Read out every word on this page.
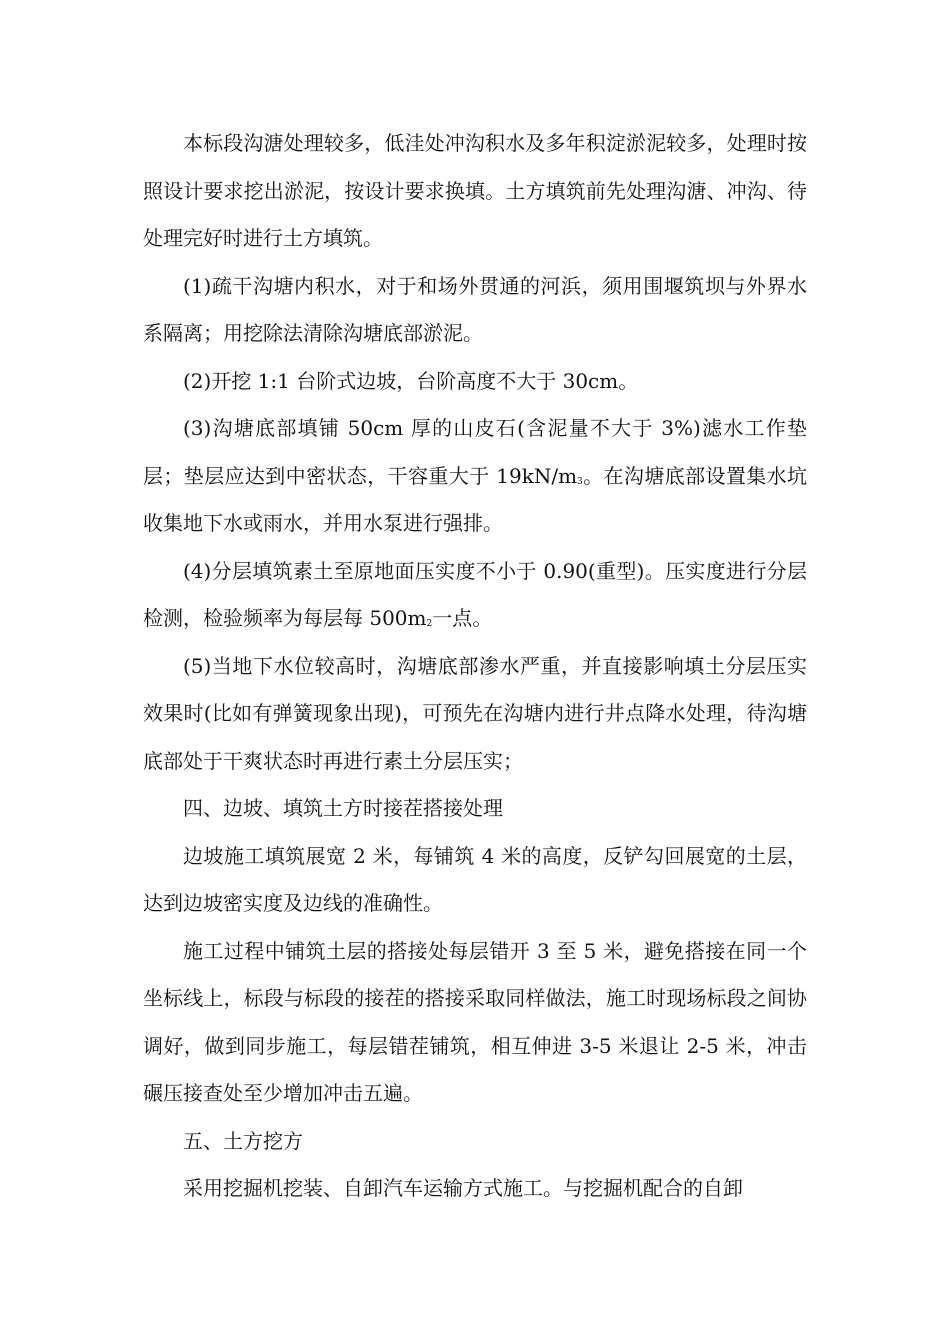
本标段沟溏处理较多，低洼处冲沟积水及多年积淀淤泥较多，处理时按照设计要求挖出淤泥，按设计要求换填。土方填筑前先处理沟溏、冲沟、待处理完好时进行土方填筑。

(1)疏干沟塘内积水，对于和场外贯通的河浜，须用围堰筑坝与外界水系隔离；用挖除法清除沟塘底部淤泥。

(2)开挖 1:1 台阶式边坡，台阶高度不大于 30cm。

(3)沟塘底部填铺 50cm 厚的山皮石(含泥量不大于 3%)滤水工作垫层；垫层应达到中密状态，干容重大于 $19kN/m^3$。在沟塘底部设置集水坑收集地下水或雨水，并用水泵进行强排。

(4)分层填筑素土至原地面压实度不小于 0.90(重型)。压实度进行分层检测，检验频率为每层每 $500m^2$一点。

(5)当地下水位较高时，沟塘底部渗水严重，并直接影响填土分层压实效果时(比如有弹簧现象出现)，可预先在沟塘内进行井点降水处理，待沟塘底部处于干爽状态时再进行素土分层压实；

四、边坡、填筑土方时接茬搭接处理

边坡施工填筑展宽 2 米，每铺筑 4 米的高度，反铲勾回展宽的土层，达到边坡密实度及边线的准确性。

施工过程中铺筑土层的搭接处每层错开 3 至 5 米，避免搭接在同一个坐标线上，标段与标段的接茬的搭接采取同样做法，施工时现场标段之间协调好，做到同步施工，每层错茬铺筑，相互伸进 3-5 米退让 2-5 米，冲击碾压接查处至少增加冲击五遍。

五、土方挖方

采用挖掘机挖装、自卸汽车运输方式施工。与挖掘机配合的自卸
